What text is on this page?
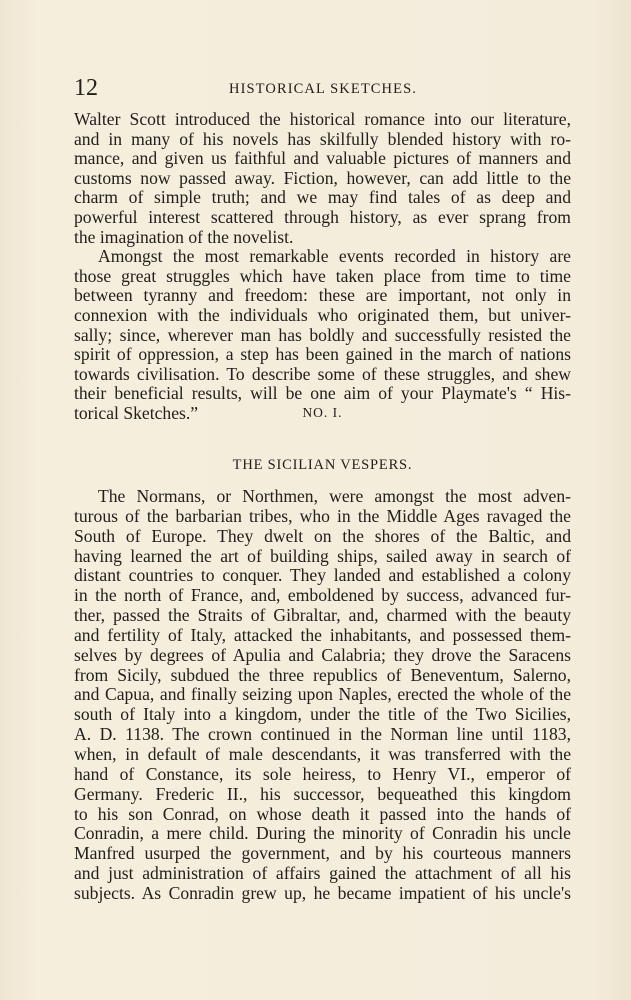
12	HISTORICAL SKETCHES.
Walter Scott introduced the historical romance into our literature,
and in many of his novels has skilfully blended history with ro-
mance, and given us faithful and valuable pictures of manners and
customs now passed away. Fiction, however, can add little to the
charm of simple truth; and we may find tales of as deep and
powerful interest scattered through history, as ever sprang from
the imagination of the novelist.
Amongst the most remarkable events recorded in history are
those great struggles which have taken place from time to time
between tyranny and freedom: these are important, not only in
connexion with the individuals who originated them, but univer-
sally; since, wherever man has boldly and successfully resisted the
spirit of oppression, a step has been gained in the march of nations
towards civilisation. To describe some of these struggles, and shew
their beneficial results, will be one aim of your Playmate's “ His-
torical Sketches.”	NO. I.
THE SICILIAN VESPERS.
The Normans, or Northmen, were amongst the most adven-
turous of the barbarian tribes, who in the Middle Ages ravaged the
South of Europe. They dwelt on the shores of the Baltic, and
having learned the art of building ships, sailed away in search of
distant countries to conquer. They landed and established a colony
in the north of France, and, emboldened by success, advanced fur-
ther, passed the Straits of Gibraltar, and, charmed with the beauty
and fertility of Italy, attacked the inhabitants, and possessed them-
selves by degrees of Apulia and Calabria; they drove the Saracens
from Sicily, subdued the three republics of Beneventum, Salerno,
and Capua, and finally seizing upon Naples, erected the whole of the
south of Italy into a kingdom, under the title of the Two Sicilies,
A. D. 1138. The crown continued in the Norman line until 1183,
when, in default of male descendants, it was transferred with the
hand of Constance, its sole heiress, to Henry VI., emperor of
Germany. Frederic II., his successor, bequeathed this kingdom
to his son Conrad, on whose death it passed into the hands of
Conradin, a mere child. During the minority of Conradin his uncle
Manfred usurped the government, and by his courteous manners
and just administration of affairs gained the attachment of all his
subjects. As Conradin grew up, he became impatient of his uncle's
